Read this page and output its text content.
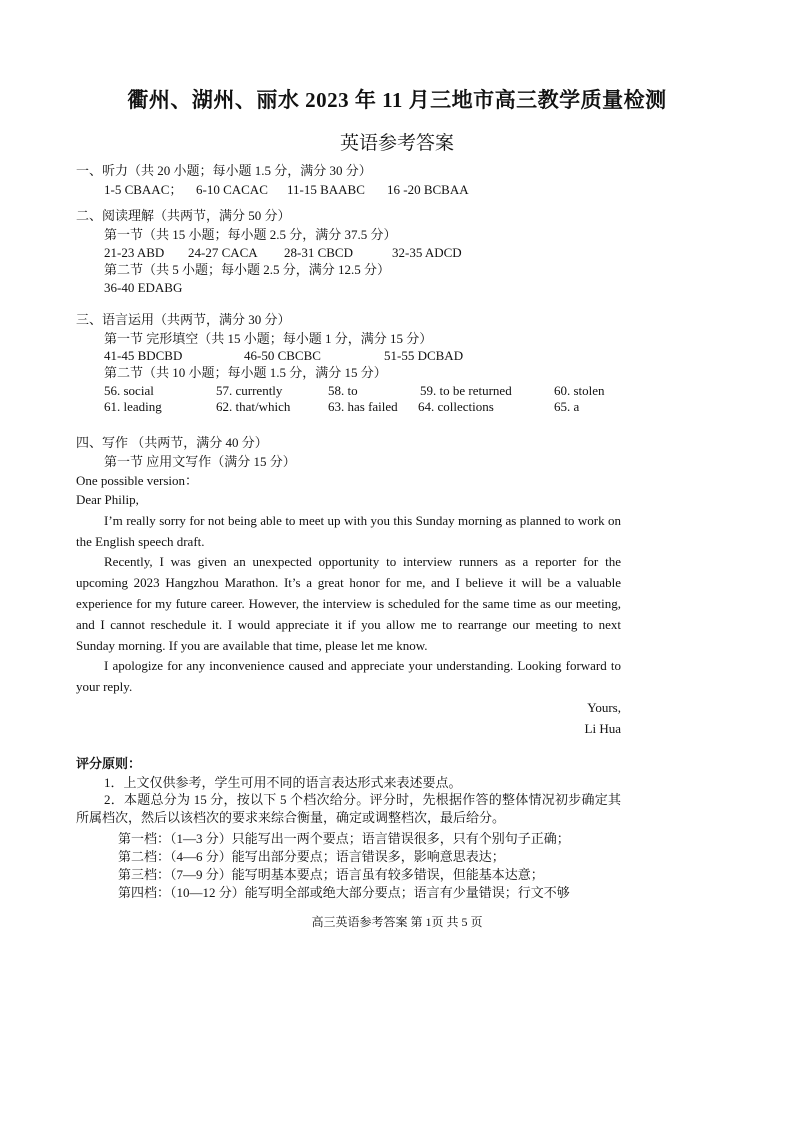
衢州、湖州、丽水 2023 年 11 月三地市高三教学质量检测
英语参考答案
一、听力（共 20 小题；每小题 1.5 分，满分 30 分）
1-5 CBAAC； 6-10 CACAC 11-15 BAABC 16 -20 BCBAA
二、阅读理解（共两节，满分 50 分）
第一节（共 15 小题；每小题 2.5 分，满分 37.5 分）
21-23 ABD 24-27 CACA 28-31 CBCD	32-35 ADCD
第二节（共 5 小题；每小题 2.5 分，满分 12.5 分）
36-40 EDABG
三、语言运用（共两节，满分 30 分）
第一节 完形填空（共 15 小题；每小题 1 分，满分 15 分）
41-45 BDCBD	46-50 CBCBC	51-55 DCBAD
第二节（共 10 小题；每小题 1.5 分，满分 15 分）
56. social	57. currently	58. to	59. to be returned	60. stolen
61. leading	62. that/which	63. has failed 64. collections	65. a
四、写作 （共两节，满分 40 分）
第一节 应用文写作（满分 15 分）
One possible version：
Dear Philip,
I’m really sorry for not being able to meet up with you this Sunday morning as planned to work on the English speech draft.
Recently, I was given an unexpected opportunity to interview runners as a reporter for the upcoming 2023 Hangzhou Marathon. It’s a great honor for me, and I believe it will be a valuable experience for my future career. However, the interview is scheduled for the same time as our meeting, and I cannot reschedule it. I would appreciate it if you allow me to rearrange our meeting to next Sunday morning. If you are available that time, please let me know.
I apologize for any inconvenience caused and appreciate your understanding. Looking forward to your reply.
Yours,
Li Hua
评分原则：
1．上文仅供参考，学生可用不同的语言表达形式来表述要点。
2．本题总分为 15 分，按以下 5 个档次给分。评分时，先根据作答的整体情况初步确定其所属档次，然后以该档次的要求来综合衡量，确定或调整档次，最后给分。
第一档：（1—3 分）只能写出一两个要点；语言错误很多，只有个别句子正确；
第二档：（4—6 分）能写出部分要点；语言错误多，影响意思表达；
第三档：（7—9 分）能写明基本要点；语言虽有较多错误，但能基本达意；
第四档：（10—12 分）能写明全部或绝大部分要点；语言有少量错误；行文不够
高三英语参考答案 第 1页 共 5 页
